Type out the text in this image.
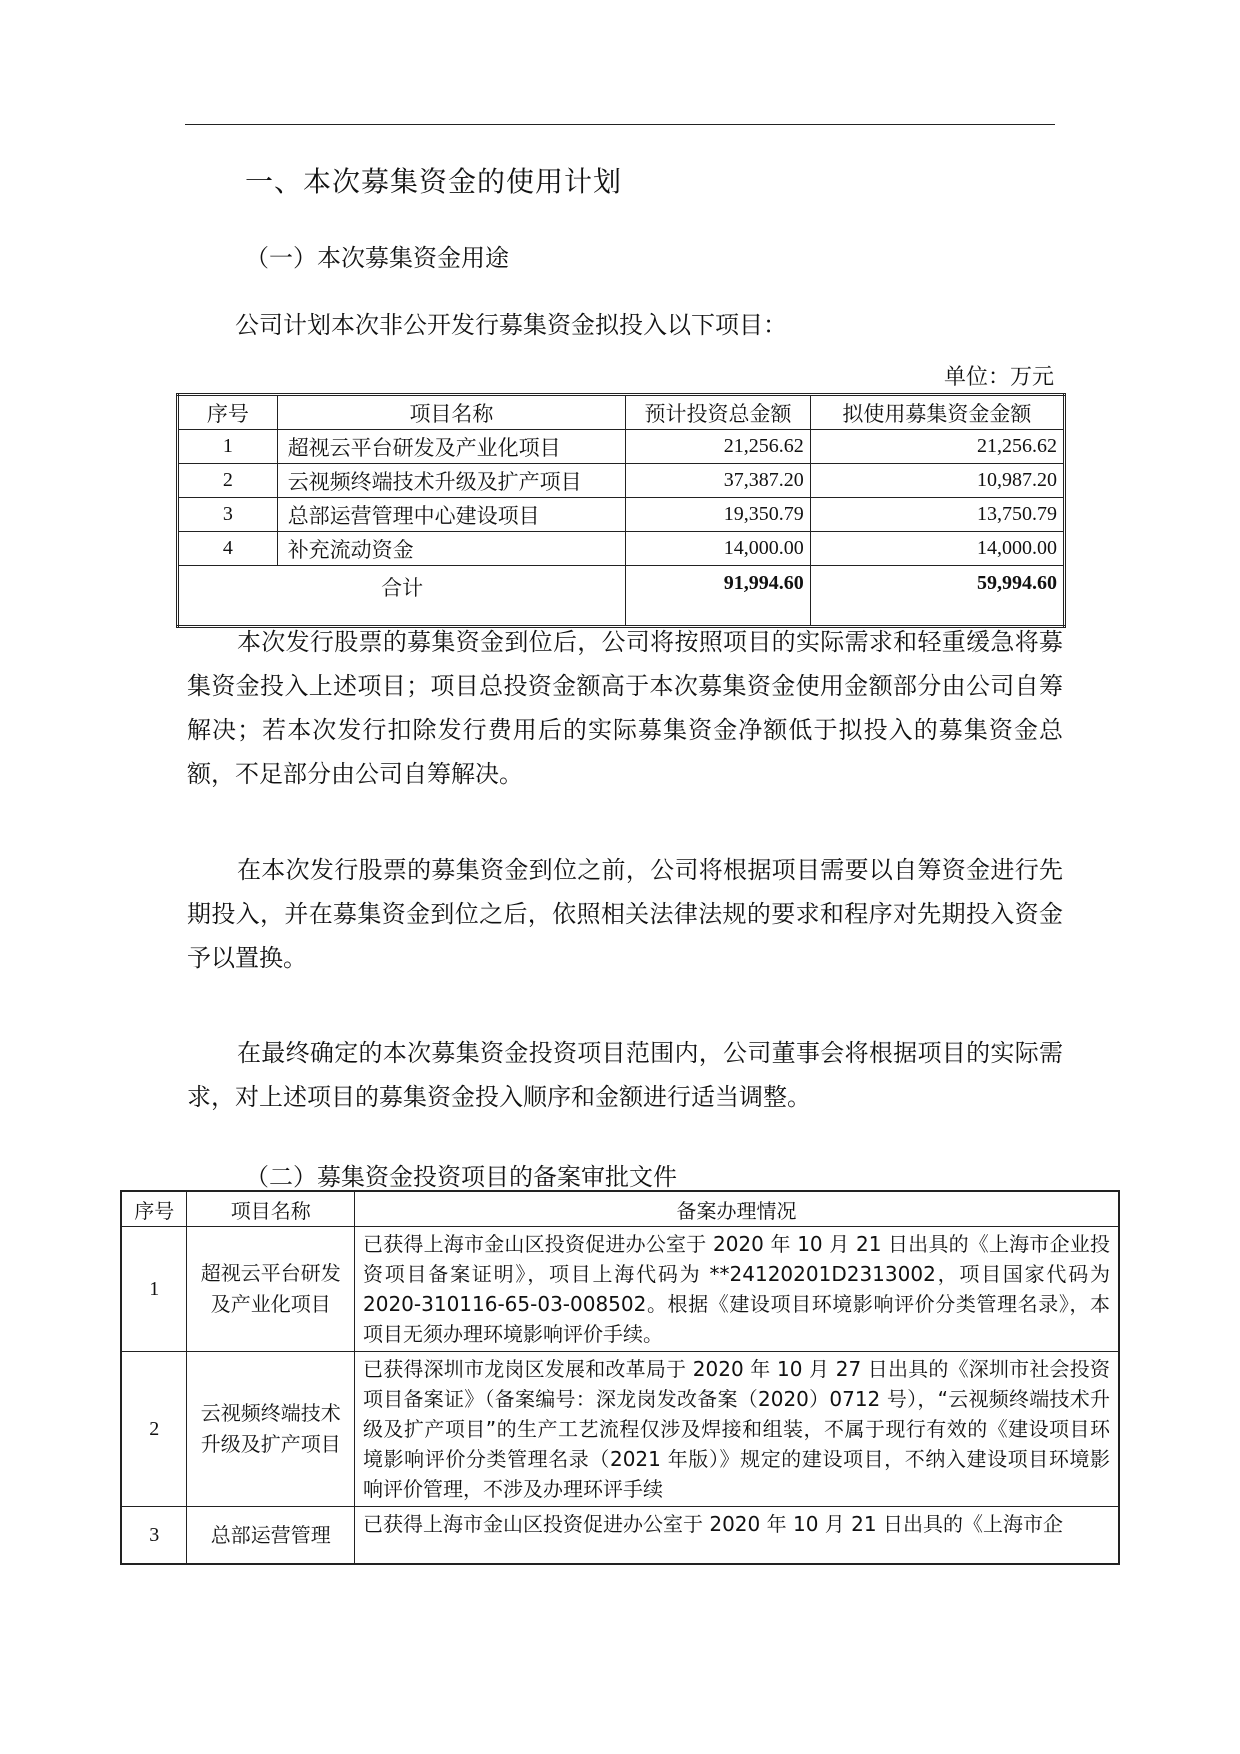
一、本次募集资金的使用计划
（一）本次募集资金用途
公司计划本次非公开发行募集资金拟投入以下项目：
单位：万元
序号	项目名称	预计投资总金额	拟使用募集资金金额
1	超视云平台研发及产业化项目	21,256.62	21,256.62
2	云视频终端技术升级及扩产项目	37,387.20	10,987.20
3	总部运营管理中心建设项目	19,350.79	13,750.79
4	补充流动资金	14,000.00	14,000.00
合计		91,994.60	59,994.60
本次发行股票的募集资金到位后，公司将按照项目的实际需求和轻重缓急将募集资金投入上述项目；项目总投资金额高于本次募集资金使用金额部分由公司自筹解决；若本次发行扣除发行费用后的实际募集资金净额低于拟投入的募集资金总额，不足部分由公司自筹解决。
在本次发行股票的募集资金到位之前，公司将根据项目需要以自筹资金进行先期投入，并在募集资金到位之后，依照相关法律法规的要求和程序对先期投入资金予以置换。
在最终确定的本次募集资金投资项目范围内，公司董事会将根据项目的实际需求，对上述项目的募集资金投入顺序和金额进行适当调整。
（二）募集资金投资项目的备案审批文件
序号	项目名称	备案办理情况
1	超视云平台研发及产业化项目	已获得上海市金山区投资促进办公室于 2020 年 10 月 21 日出具的《上海市企业投资项目备案证明》，项目上海代码为 **24120201D2313002，项目国家代码为 2020-310116-65-03-008502。根据《建设项目环境影响评价分类管理名录》，本项目无须办理环境影响评价手续。
2	云视频终端技术升级及扩产项目	已获得深圳市龙岗区发展和改革局于 2020 年 10 月 27 日出具的《深圳市社会投资项目备案证》（备案编号：深龙岗发改备案（2020）0712 号），“云视频终端技术升级及扩产项目”的生产工艺流程仅涉及焊接和组装，不属于现行有效的《建设项目环境影响评价分类管理名录（2021 年版）》规定的建设项目，不纳入建设项目环境影响评价管理，不涉及办理环评手续
3	总部运营管理	已获得上海市金山区投资促进办公室于 2020 年 10 月 21 日出具的《上海市企
